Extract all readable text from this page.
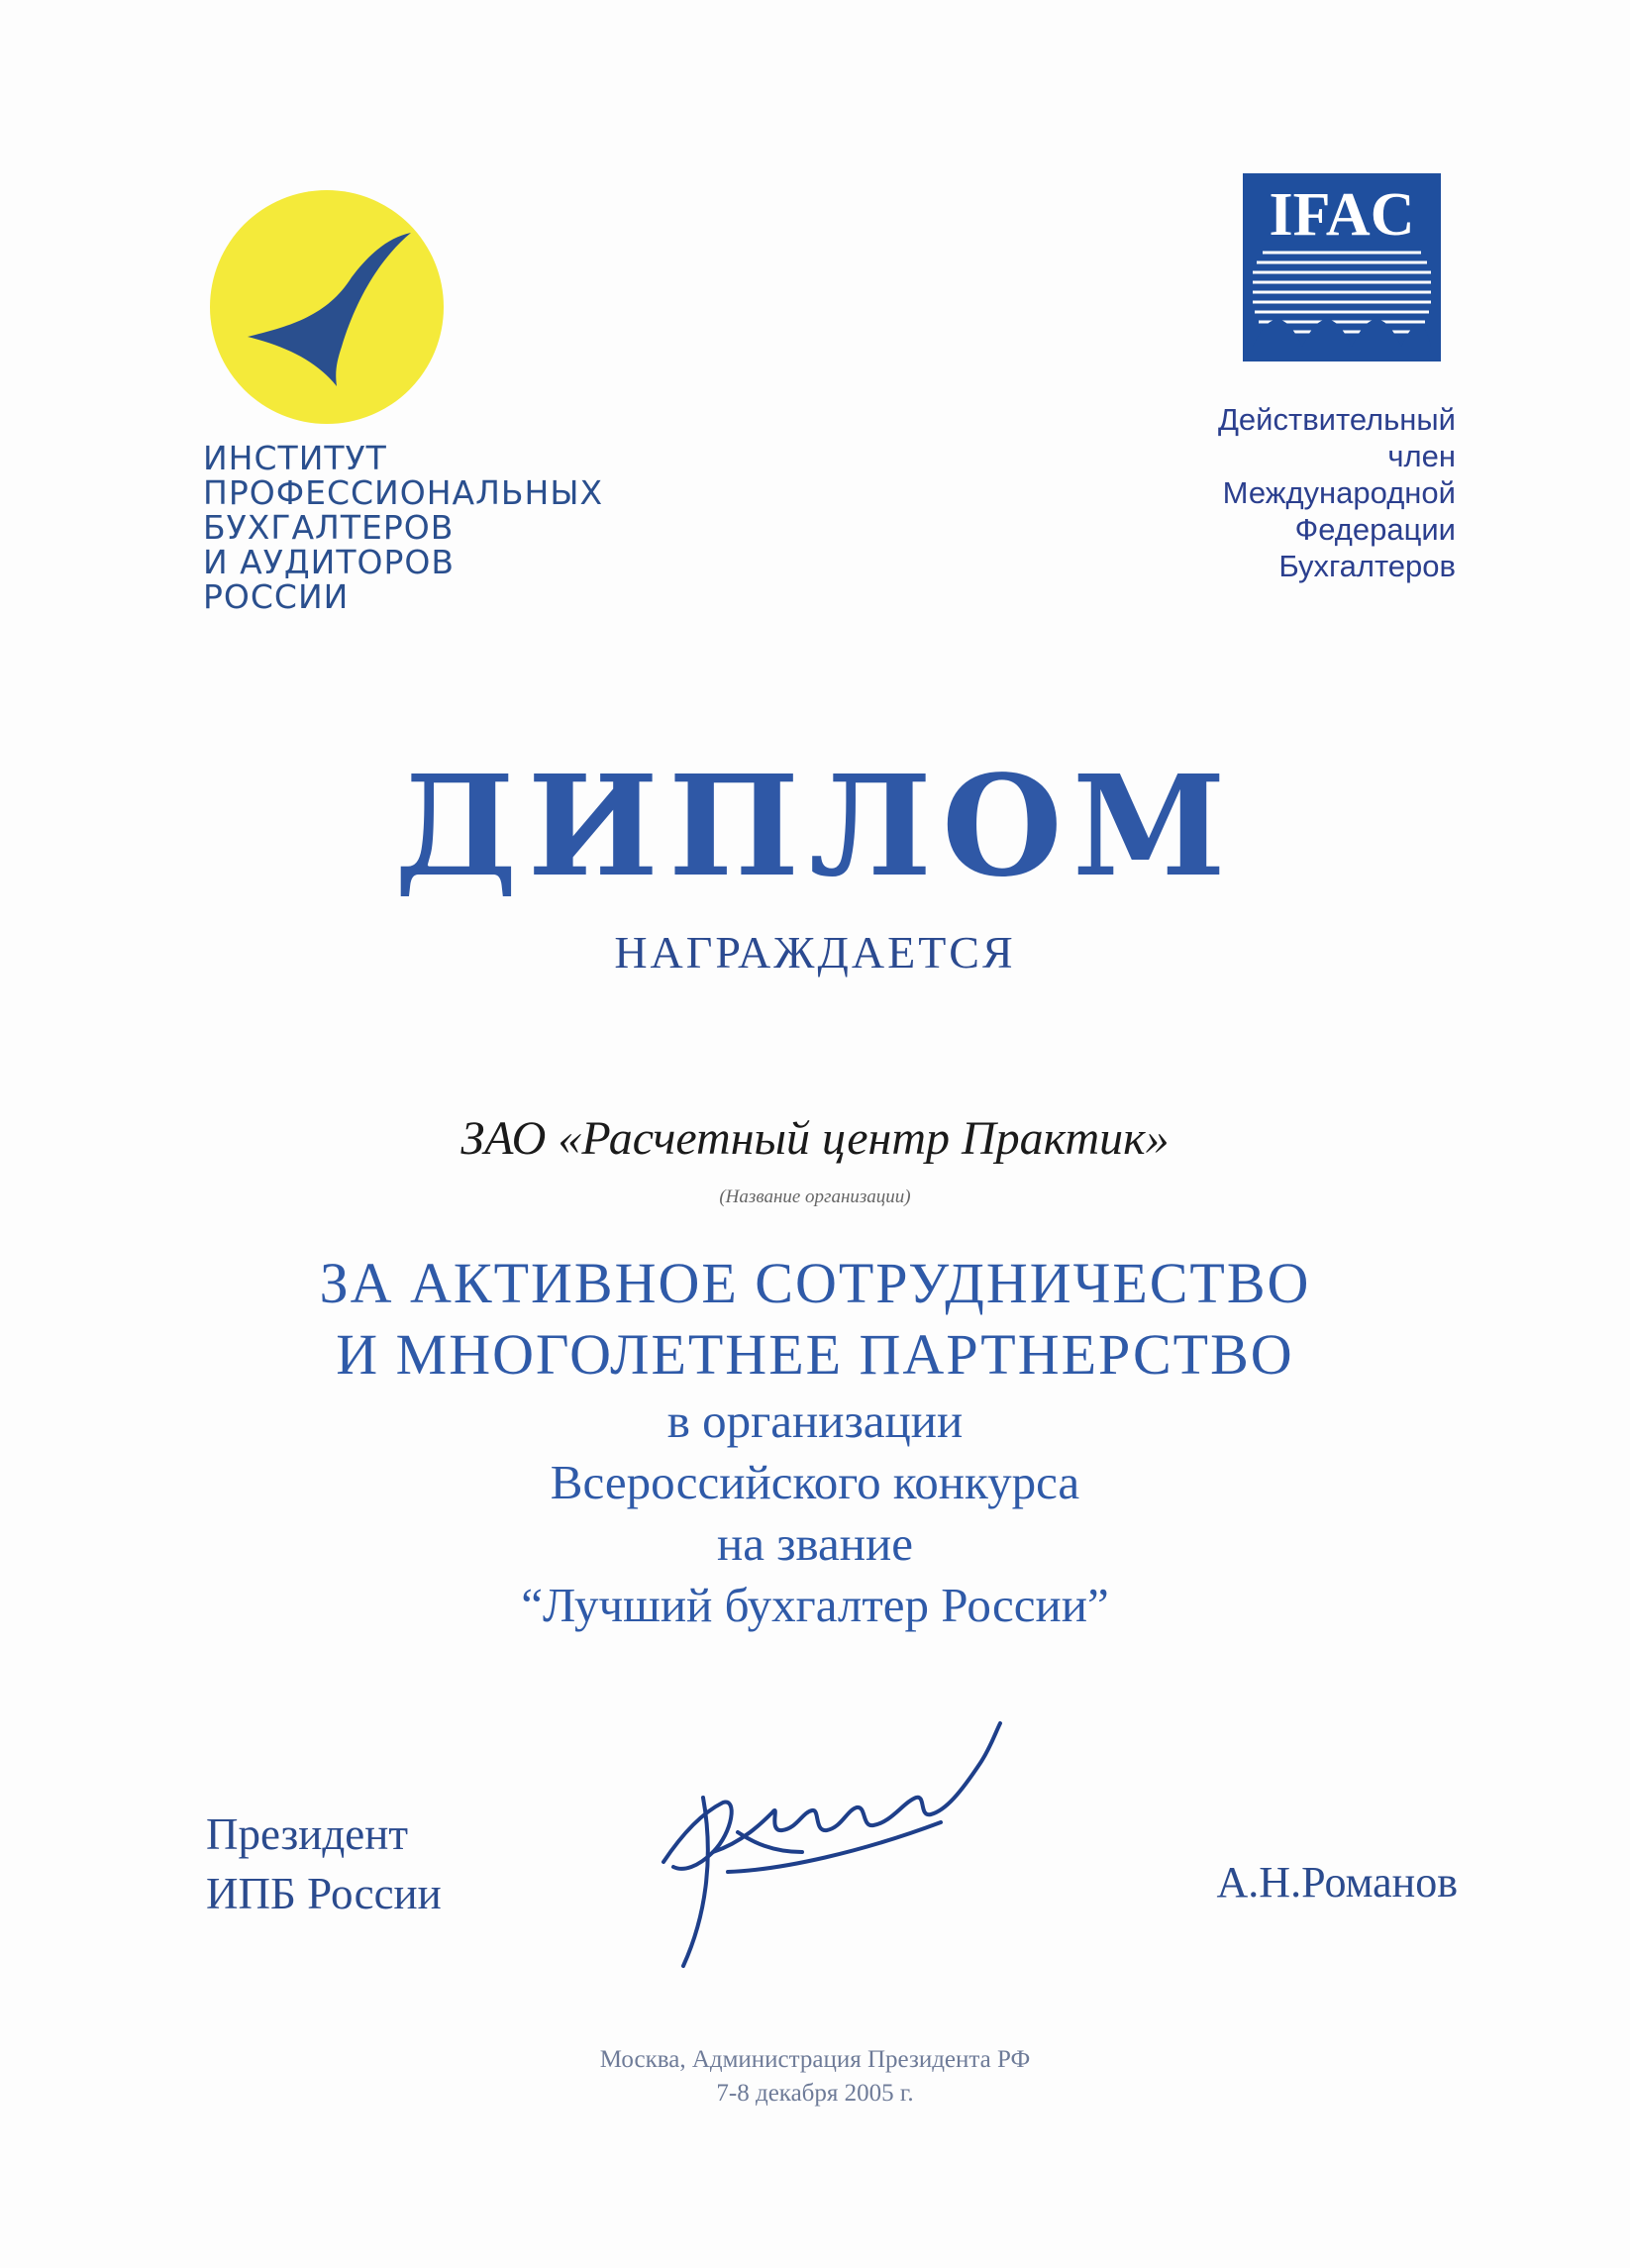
ИНСТИТУТ
ПРОФЕССИОНАЛЬНЫХ
БУХГАЛТЕРОВ
И АУДИТОРОВ
РОССИИ
IFAC
Действительный
член
Международной
Федерации
Бухгалтеров
ДИПЛОМ
НАГРАЖДАЕТСЯ
ЗАО «Расчетный центр Практик»
(Название организации)
ЗА АКТИВНОЕ СОТРУДНИЧЕСТВО
И МНОГОЛЕТНЕЕ ПАРТНЕРСТВО
в организации
Всероссийского конкурса
на звание
“Лучший бухгалтер России”
Президент
ИПБ России	А.Н.Романов
Москва, Администрация Президента РФ
7-8 декабря 2005 г.
